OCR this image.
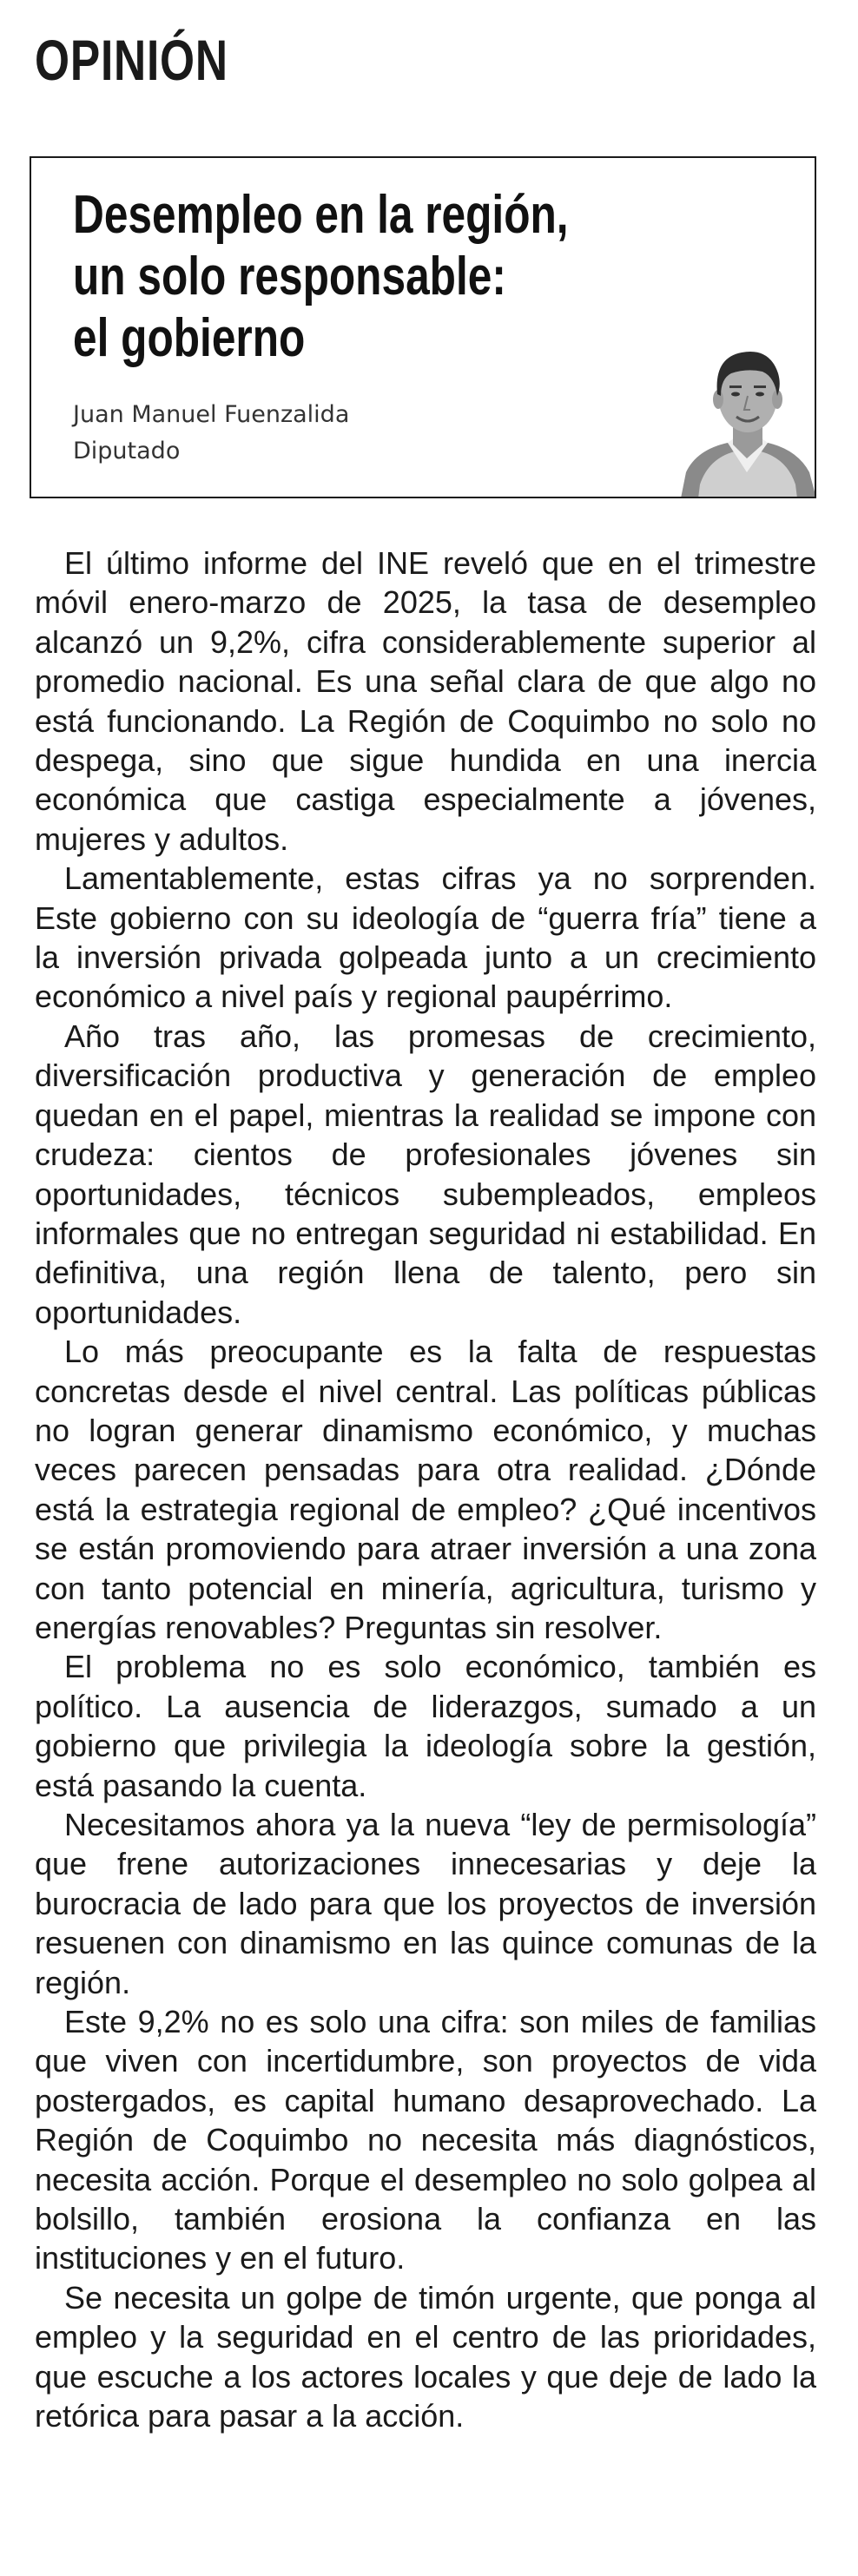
OPINIÓN
Desempleo en la región,
un solo responsable:
el gobierno
Juan Manuel Fuenzalida
Diputado

El último informe del INE reveló que en el trimestre móvil enero-marzo de 2025, la tasa de desempleo alcanzó un 9,2%, cifra considerablemente superior al promedio nacional. Es una señal clara de que algo no está funcionando. La Región de Coquimbo no solo no despega, sino que sigue hundida en una inercia económica que castiga especialmente a jóvenes, mujeres y adultos.

Lamentablemente, estas cifras ya no sorprenden. Este gobierno con su ideología de “guerra fría” tiene a la inversión privada golpeada junto a un crecimiento económico a nivel país y regional paupérrimo.

Año tras año, las promesas de crecimiento, diversificación productiva y generación de empleo quedan en el papel, mientras la realidad se impone con crudeza: cientos de profesionales jóvenes sin oportunidades, técnicos subempleados, empleos informales que no entregan seguridad ni estabilidad. En definitiva, una región llena de talento, pero sin oportunidades.

Lo más preocupante es la falta de respuestas concretas desde el nivel central. Las políticas públicas no logran generar dinamismo económico, y muchas veces parecen pensadas para otra realidad. ¿Dónde está la estrategia regional de empleo? ¿Qué incentivos se están promoviendo para atraer inversión a una zona con tanto potencial en minería, agricultura, turismo y energías renovables? Preguntas sin resolver.

El problema no es solo económico, también es político. La ausencia de liderazgos, sumado a un gobierno que privilegia la ideología sobre la gestión, está pasando la cuenta.

Necesitamos ahora ya la nueva “ley de permisología” que frene autorizaciones innecesarias y deje la burocracia de lado para que los proyectos de inversión resuenen con dinamismo en las quince comunas de la región.

Este 9,2% no es solo una cifra: son miles de familias que viven con incertidumbre, son proyectos de vida postergados, es capital humano desaprovechado. La Región de Coquimbo no necesita más diagnósticos, necesita acción. Porque el desempleo no solo golpea al bolsillo, también erosiona la confianza en las instituciones y en el futuro.

Se necesita un golpe de timón urgente, que ponga al empleo y la seguridad en el centro de las prioridades, que escuche a los actores locales y que deje de lado la retórica para pasar a la acción.
